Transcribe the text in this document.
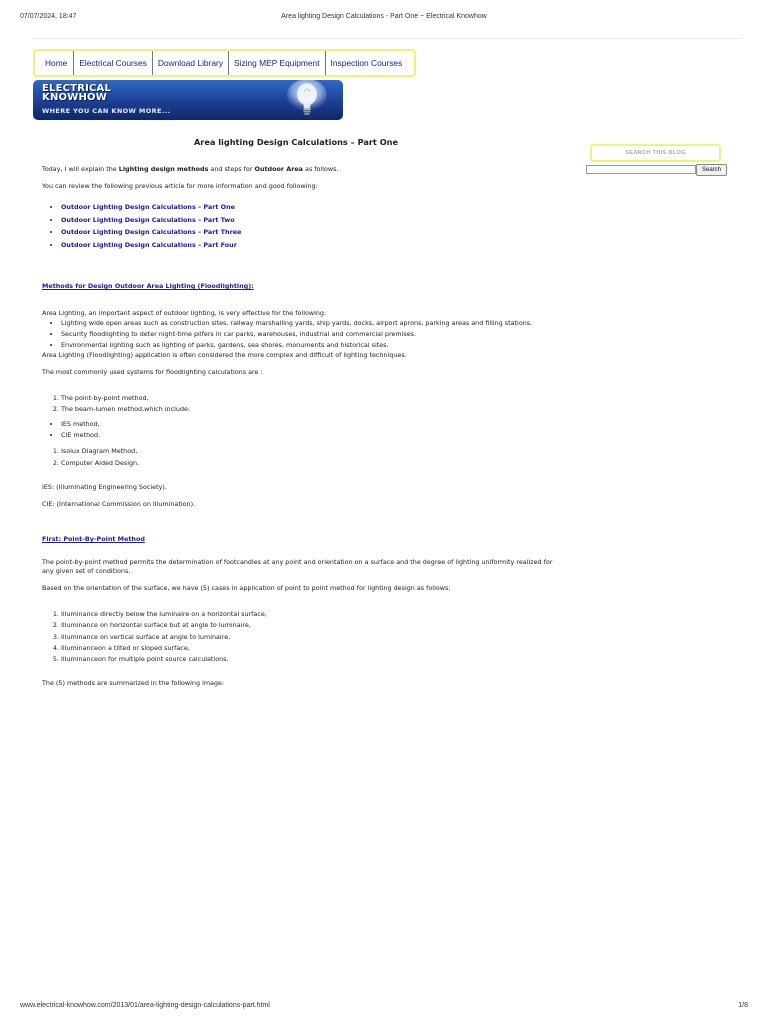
07/07/2024, 18:47	Area lighting Design Calculations - Part One ~ Electrical Knowhow
Home	Electrical Courses	Download Library	Sizing MEP Equipment	Inspection Courses
ELECTRICAL
KNOWHOW
WHERE YOU CAN KNOW MORE...
SEARCH THIS BLOG
Search
Area lighting Design Calculations – Part One

Today, I will explain the Lighting design methods and steps for Outdoor Area as follows.

You can review the following previous article for more information and good following:

• Outdoor Lighting Design Calculations – Part One
• Outdoor Lighting Design Calculations – Part Two
• Outdoor Lighting Design Calculations – Part Three
• Outdoor Lighting Design Calculations – Part Four

Methods for Design Outdoor Area Lighting (Floodlighting):

Area Lighting, an important aspect of outdoor lighting, is very effective for the following:

• Lighting wide open areas such as construction sites, railway marshalling yards, ship yards, docks, airport aprons, parking areas and filling stations.
• Security floodlighting to deter night-time pilfers in car parks, warehouses, industrial and commercial premises.
• Environmental lighting such as lighting of parks, gardens, sea shores, monuments and historical sites.

Area Lighting (Floodlighting) application is often considered the more complex and difficult of lighting techniques.

The most commonly used systems for floodlighting calculations are :

1. The point-by-point method,
2. The beam-lumen method,which include:
• IES method,
• CIE method.
1. Isolux Diagram Method,
2. Computer Aided Design.

IES: (Illuminating Engineering Society).

CIE: (International Commission on Illumination).

First: Point-By-Point Method

The point-by-point method permits the determination of footcandles at any point and orientation on a surface and the degree of lighting uniformity realized for any given set of conditions.

Based on the orientation of the surface, we have (5) cases in application of point to point method for lighting design as follows:

1. Illuminance directly below the luminaire on a horizontal surface,
2. Illuminance on horizontal surface but at angle to luminaire,
3. Illuminance on vertical surface at angle to luminaire,
4. Illuminanceon a tilted or sloped surface,
5. Illuminanceon for multiple point source calculations.

The (5) methods are summarized in the following image:

www.electrical-knowhow.com/2013/01/area-lighting-design-calculations-part.html	1/8
